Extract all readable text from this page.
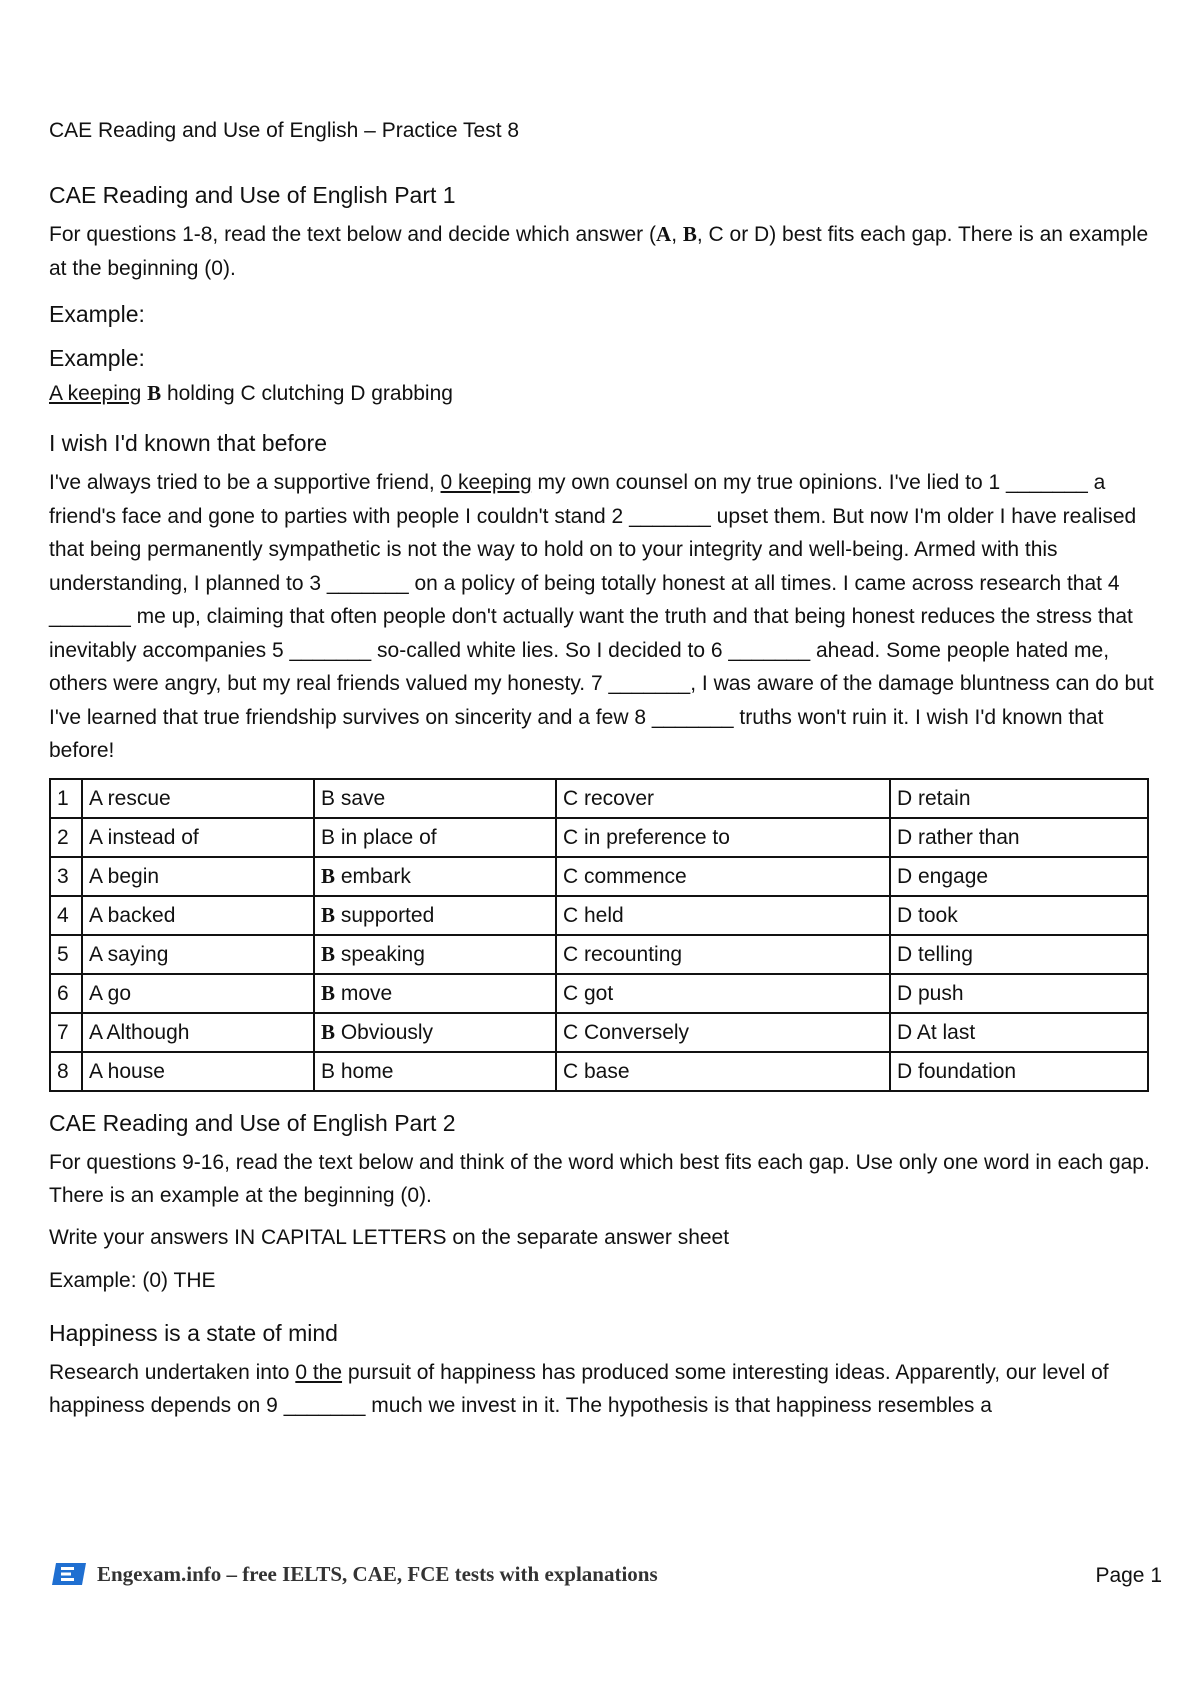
CAE Reading and Use of English – Practice Test 8

CAE Reading and Use of English Part 1

For questions 1-8, read the text below and decide which answer (A, B, C or D) best fits each gap. There is an example at the beginning (0).

Example:

Example:

A keeping B holding C clutching D grabbing

I wish I'd known that before

I've always tried to be a supportive friend, 0 keeping my own counsel on my true opinions. I've lied to 1 _______ a friend's face and gone to parties with people I couldn't stand 2 _______ upset them. But now I'm older I have realised that being permanently sympathetic is not the way to hold on to your integrity and well-being. Armed with this understanding, I planned to 3 _______ on a policy of being totally honest at all times. I came across research that 4 _______ me up, claiming that often people don't actually want the truth and that being honest reduces the stress that inevitably accompanies 5 _______ so-called white lies. So I decided to 6 _______ ahead. Some people hated me, others were angry, but my real friends valued my honesty. 7 _______, I was aware of the damage bluntness can do but I've learned that true friendship survives on sincerity and a few 8 _______ truths won't ruin it. I wish I'd known that before!

1	A rescue	B save	C recover	D retain
2	A instead of	B in place of	C in preference to	D rather than
3	A begin	B embark	C commence	D engage
4	A backed	B supported	C held	D took
5	A saying	B speaking	C recounting	D telling
6	A go	B move	C got	D push
7	A Although	B Obviously	C Conversely	D At last
8	A house	B home	C base	D foundation

CAE Reading and Use of English Part 2

For questions 9-16, read the text below and think of the word which best fits each gap. Use only one word in each gap. There is an example at the beginning (0).

Write your answers IN CAPITAL LETTERS on the separate answer sheet

Example: (0) THE

Happiness is a state of mind

Research undertaken into 0 the pursuit of happiness has produced some interesting ideas. Apparently, our level of happiness depends on 9 _______ much we invest in it. The hypothesis is that happiness resembles a

Engexam.info – free IELTS, CAE, FCE tests with explanations	Page 1
